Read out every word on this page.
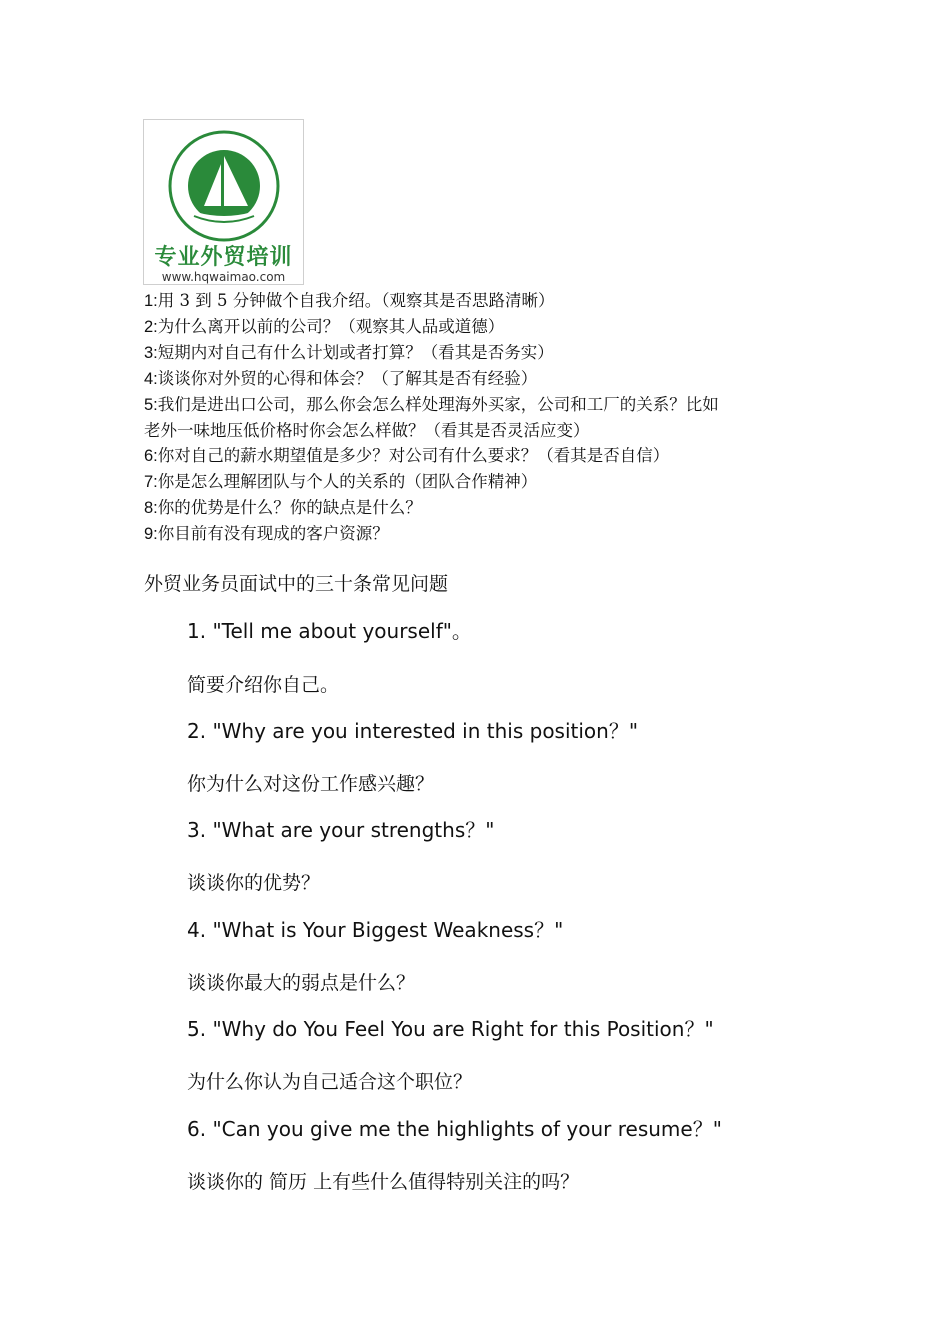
专业外贸培训
www.hqwaimao.com
1:用 3 到 5 分钟做个自我介绍。（观察其是否思路清晰）
2:为什么离开以前的公司？（观察其人品或道德）
3:短期内对自己有什么计划或者打算？（看其是否务实）
4:谈谈你对外贸的心得和体会？（了解其是否有经验）
5:我们是进出口公司，那么你会怎么样处理海外买家，公司和工厂的关系？比如
老外一味地压低价格时你会怎么样做？（看其是否灵活应变）
6:你对自己的薪水期望值是多少？对公司有什么要求？（看其是否自信）
7:你是怎么理解团队与个人的关系的（团队合作精神）
8:你的优势是什么？你的缺点是什么？
9:你目前有没有现成的客户资源？
外贸业务员面试中的三十条常见问题
1. "Tell me about yourself"。
简要介绍你自己。
2. "Why are you interested in this position？"
你为什么对这份工作感兴趣？
3. "What are your strengths？"
谈谈你的优势？
4. "What is Your Biggest Weakness？"
谈谈你最大的弱点是什么？
5. "Why do You Feel You are Right for this Position？"
为什么你认为自己适合这个职位？
6. "Can you give me the highlights of your resume？"
谈谈你的 简历 上有些什么值得特别关注的吗？
